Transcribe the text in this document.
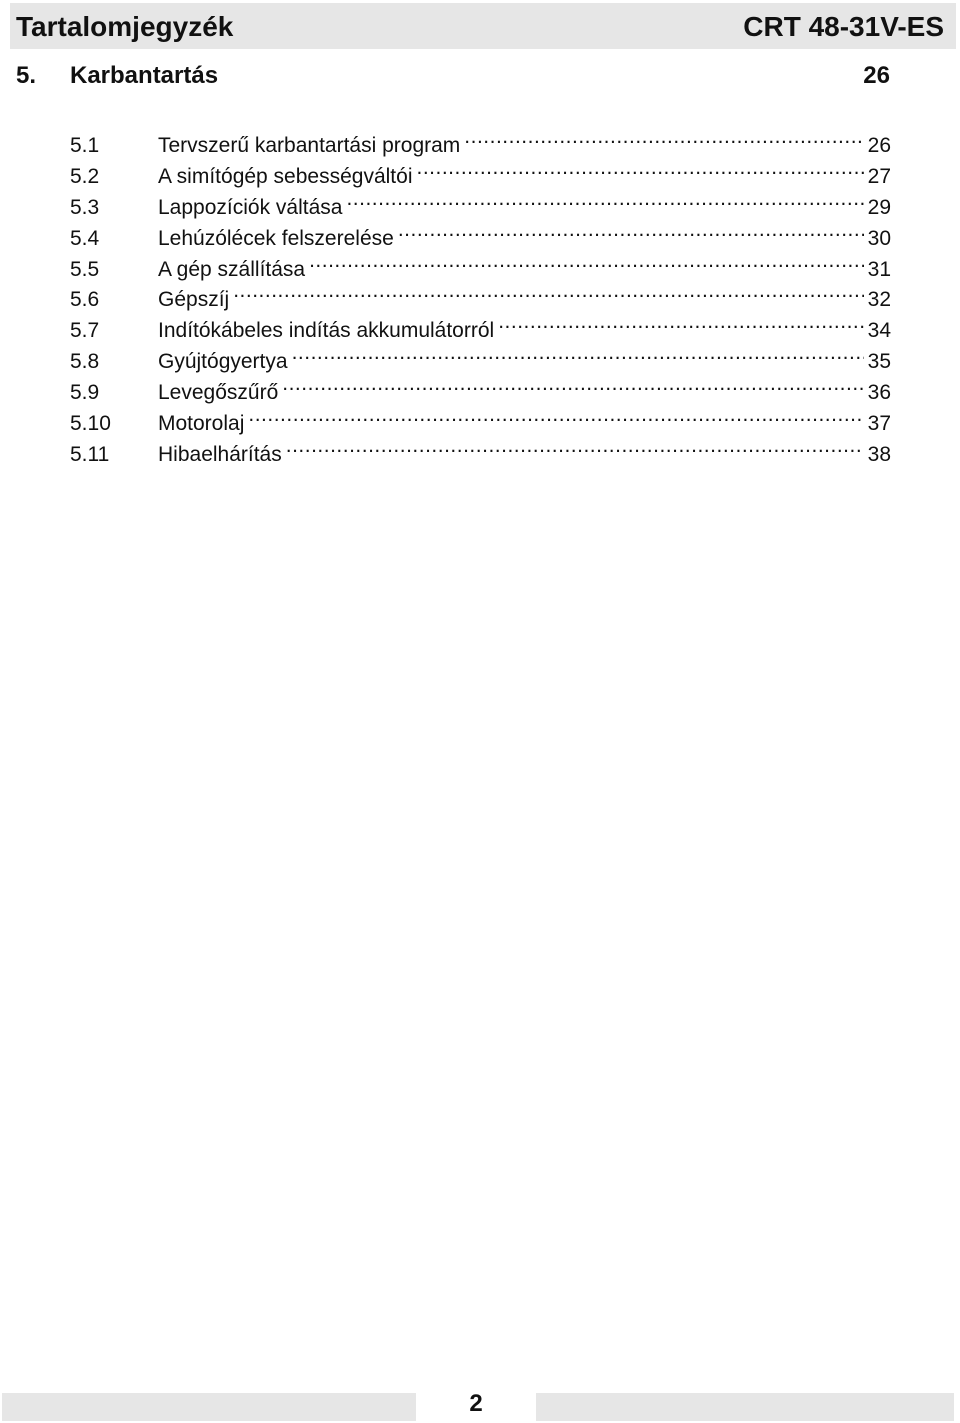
Tartalomjegyzék	CRT 48-31V-ES
5. Karbantartás	26
5.1	Tervszerű karbantartási program .....	26
5.2	A simítógép sebességváltói .....	27
5.3	Lappozíciók váltása .....	29
5.4	Lehúzólécek felszerelése .....	30
5.5	A gép szállítása .....	31
5.6	Gépszíj .....	32
5.7	Indítókábeles indítás akkumulátorról .....	34
5.8	Gyújtógyertya .....	35
5.9	Levegőszűrő .....	36
5.10	Motorolaj .....	37
5.11	Hibaelhárítás .....	38
2
